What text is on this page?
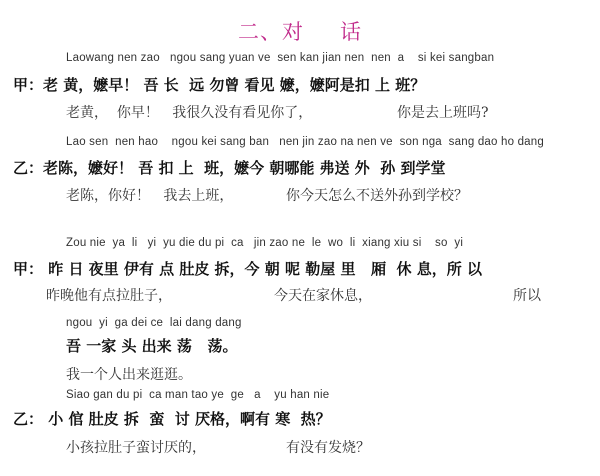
二、对 话
Laowang nen zao   ngou sang yuan ve  sen kan jian nen  nen  a    si kei sangban
甲：老 黄，嬷早！ 吾 长  远 勿曾 看见 嬷，嬷阿是扣 上 班？
老黄，  你早！   我很久没有看见你了，	你是去上班吗?
Lao sen  nen hao    ngou kei sang ban   nen jin zao na nen ve  son nga  sang dao ho dang
乙：老陈，嬷好！ 吾 扣 上  班，嬷今 朝哪能 弗送 外  孙 到学堂
老陈，你好！   我去上班，	你今天怎么不送外孙到学校？
Zou nie  ya  li   yi  yu die du pi  ca   jin zao ne  le  wo  li  xiang xiu si    so  yi
甲： 昨 日 夜里 伊有 点 肚皮 拆，今 朝 呢 勒屋 里   厢  休 息，所 以
昨晚他有点拉肚子，	今天在家休息，	所以
ngou  yi  ga dei ce  lai dang dang
吾 一家 头 出来 荡   荡。
我一个人出来逛逛。
Siao gan du pi  ca man tao ye  ge   a    yu han nie
乙： 小 倌 肚皮 拆  蛮  讨 厌格，啊有 寒  热？
小孩拉肚子蛮讨厌的，	有没有发烧？
